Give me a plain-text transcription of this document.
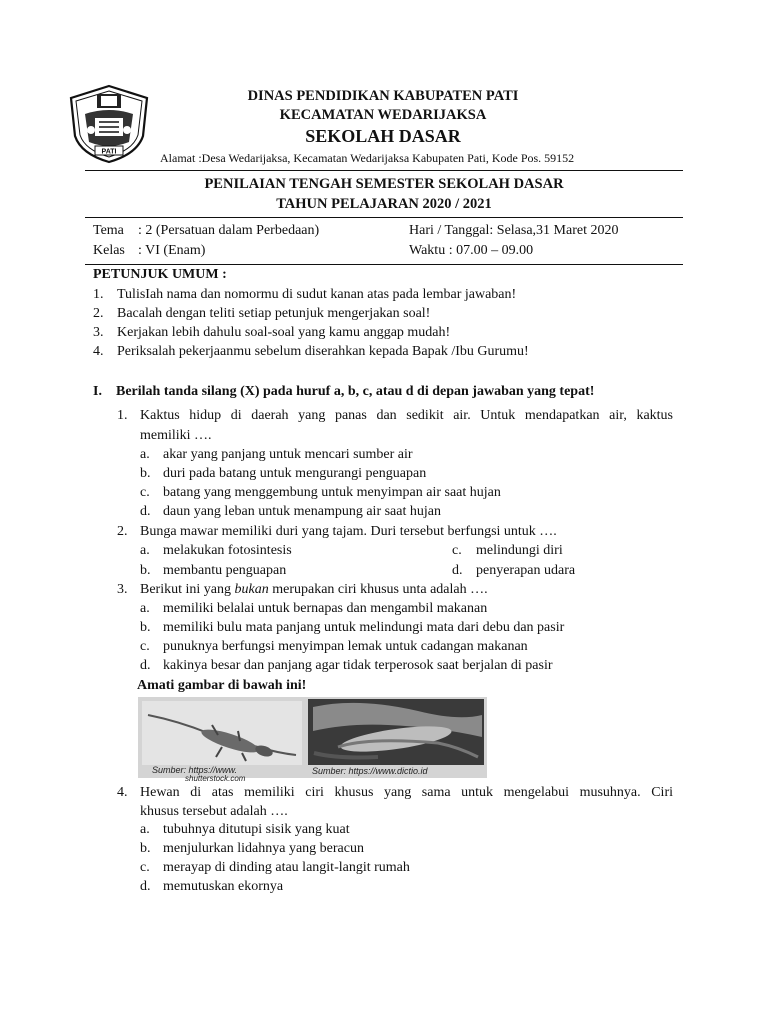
PATI
DINAS PENDIDIKAN KABUPATEN PATI
KECAMATAN WEDARIJAKSA
SEKOLAH DASAR
Alamat :Desa Wedarijaksa, Kecamatan Wedarijaksa Kabupaten Pati, Kode Pos. 59152
PENILAIAN TENGAH SEMESTER SEKOLAH DASAR
TAHUN PELAJARAN 2020 / 2021
Tema : 2 (Persatuan dalam Perbedaan)
Kelas : VI (Enam)
Hari / Tanggal: Selasa,31 Maret 2020
Waktu : 07.00 – 09.00
PETUNJUK UMUM :
1. TulisIah nama dan nomormu di sudut kanan atas pada lembar jawaban!
2. Bacalah dengan teliti setiap petunjuk mengerjakan soal!
3. Kerjakan lebih dahulu soal-soal yang kamu anggap mudah!
4. Periksalah pekerjaanmu sebelum diserahkan kepada Bapak /Ibu Gurumu!
I. Berilah tanda silang (X) pada huruf a, b, c, atau d di depan jawaban yang tepat!
1. Kaktus hidup di daerah yang panas dan sedikit air. Untuk mendapatkan air, kaktus
memiliki ….
a. akar yang panjang untuk mencari sumber air
b. duri pada batang untuk mengurangi penguapan
c. batang yang menggembung untuk menyimpan air saat hujan
d. daun yang leban untuk menampung air saat hujan
2. Bunga mawar memiliki duri yang tajam. Duri tersebut berfungsi untuk ….
a. melakukan fotosintesis
b. membantu penguapan
c. melindungi diri
d. penyerapan udara
3. Berikut ini yang bukan merupakan ciri khusus unta adalah ….
a. memiliki belalai untuk bernapas dan mengambil makanan
b. memiliki bulu mata panjang untuk melindungi mata dari debu dan pasir
c. punuknya berfungsi menyimpan lemak untuk cadangan makanan
d. kakinya besar dan panjang agar tidak terperosok saat berjalan di pasir
Amati gambar di bawah ini!
Sumber: https://www.
shutterstock.com
Sumber: https://www.dictio.id
4. Hewan di atas memiliki ciri khusus yang sama untuk mengelabui musuhnya. Ciri
khusus tersebut adalah ….
a. tubuhnya ditutupi sisik yang kuat
b. menjulurkan lidahnya yang beracun
c. merayap di dinding atau langit-langit rumah
d. memutuskan ekornya
